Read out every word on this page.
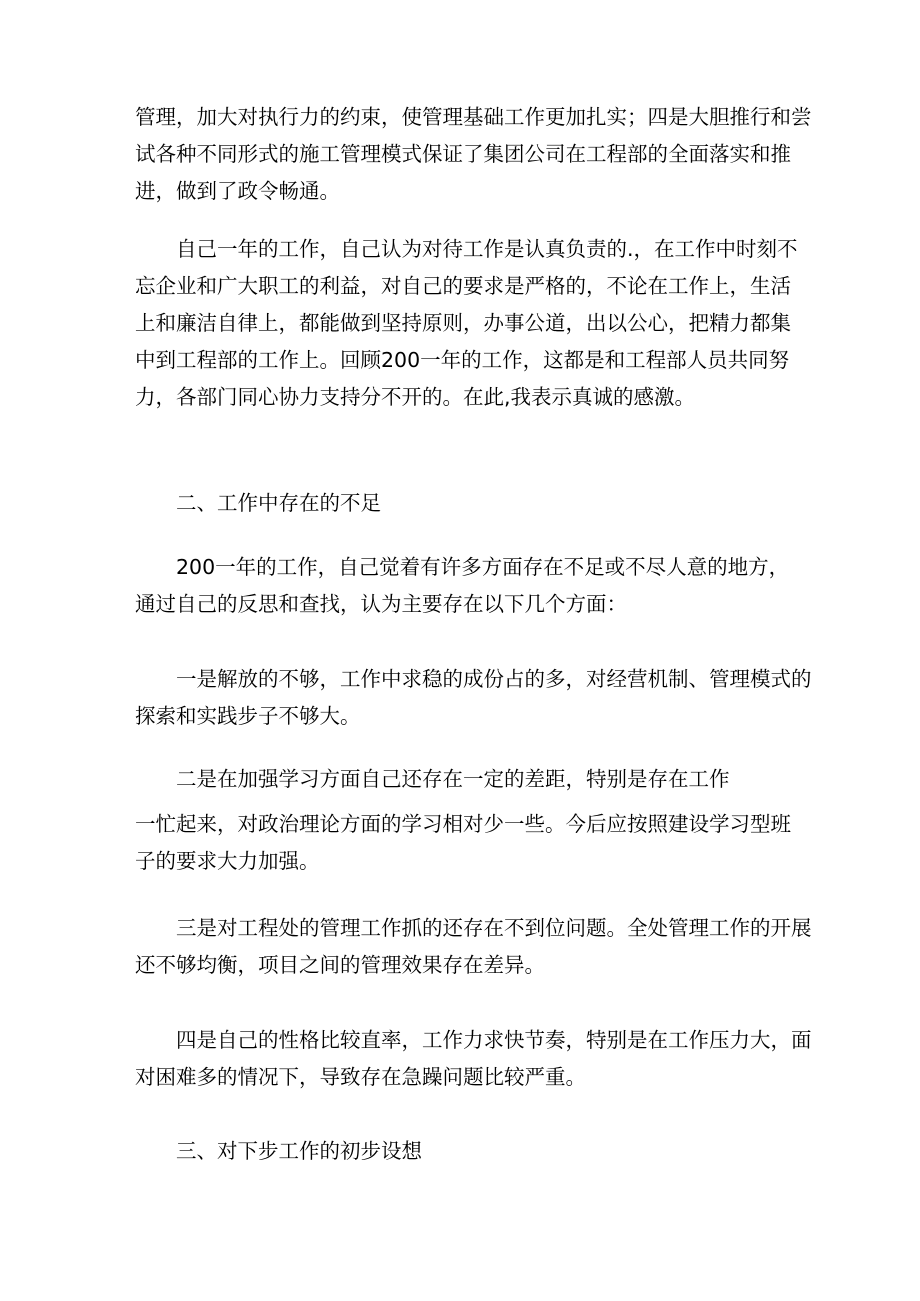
管理，加大对执行力的约束，使管理基础工作更加扎实；四是大胆推行和尝
试各种不同形式的施工管理模式保证了集团公司在工程部的全面落实和推
进，做到了政令畅通。

自己一年的工作，自己认为对待工作是认真负责的.，在工作中时刻不
忘企业和广大职工的利益，对自己的要求是严格的，不论在工作上，生活
上和廉洁自律上，都能做到坚持原则，办事公道，出以公心，把精力都集
中到工程部的工作上。回顾200一年的工作，这都是和工程部人员共同努
力，各部门同心协力支持分不开的。在此,我表示真诚的感激。

二、工作中存在的不足

200一年的工作，自己觉着有许多方面存在不足或不尽人意的地方，
通过自己的反思和查找，认为主要存在以下几个方面：

一是解放的不够，工作中求稳的成份占的多，对经营机制、管理模式的
探索和实践步子不够大。

二是在加强学习方面自己还存在一定的差距，特别是存在工作
一忙起来，对政治理论方面的学习相对少一些。今后应按照建设学习型班
子的要求大力加强。

三是对工程处的管理工作抓的还存在不到位问题。全处管理工作的开展
还不够均衡，项目之间的管理效果存在差异。

四是自己的性格比较直率，工作力求快节奏，特别是在工作压力大，面
对困难多的情况下，导致存在急躁问题比较严重。

三、对下步工作的初步设想
